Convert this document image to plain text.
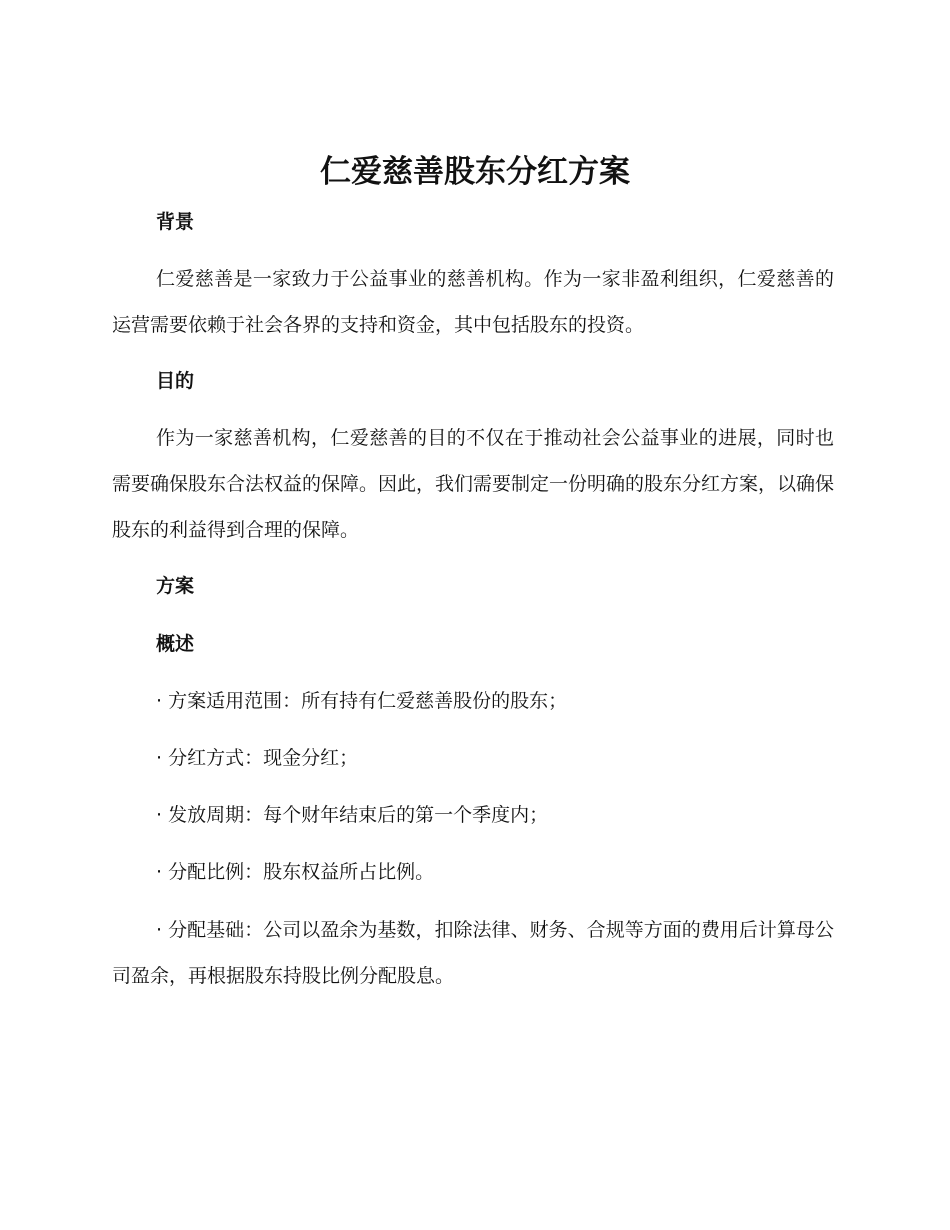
仁爱慈善股东分红方案
背景

仁爱慈善是一家致力于公益事业的慈善机构。作为一家非盈利组织，仁爱慈善的运营需要依赖于社会各界的支持和资金，其中包括股东的投资。

目的

作为一家慈善机构，仁爱慈善的目的不仅在于推动社会公益事业的进展，同时也需要确保股东合法权益的保障。因此，我们需要制定一份明确的股东分红方案，以确保股东的利益得到合理的保障。

方案
概述

· 方案适用范围：所有持有仁爱慈善股份的股东；

· 分红方式：现金分红；

· 发放周期：每个财年结束后的第一个季度内；

· 分配比例：股东权益所占比例。

· 分配基础：公司以盈余为基数，扣除法律、财务、合规等方面的费用后计算母公司盈余，再根据股东持股比例分配股息。
